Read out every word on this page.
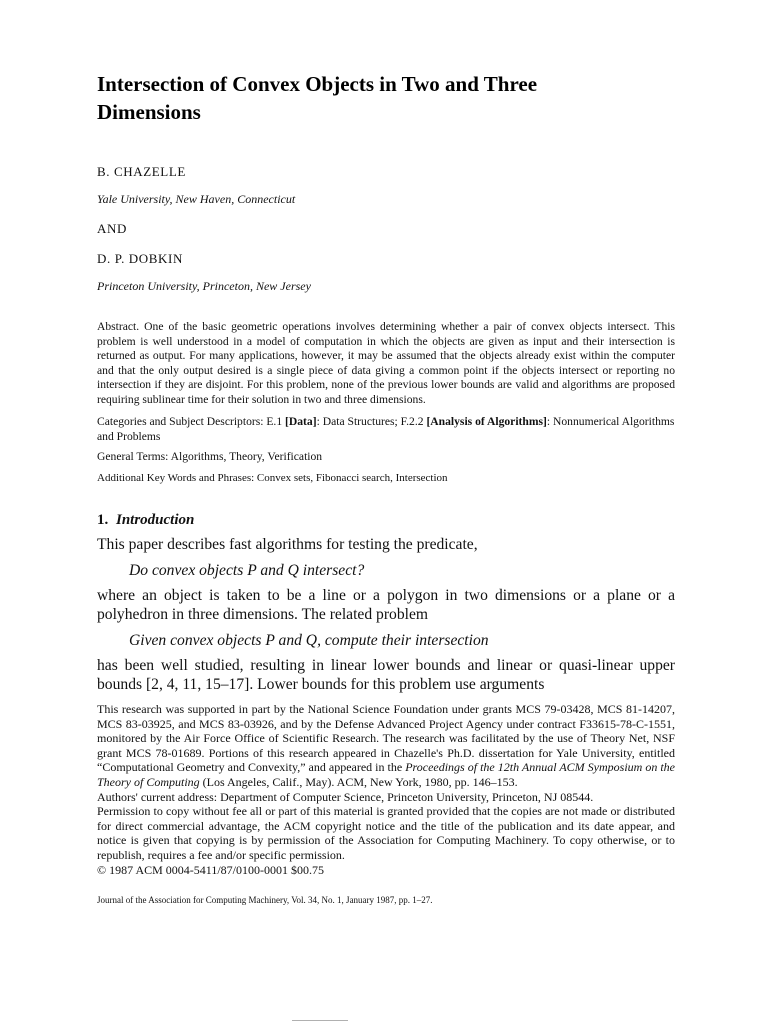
Intersection of Convex Objects in Two and Three
Dimensions

B. CHAZELLE

Yale University, New Haven, Connecticut

AND

D. P. DOBKIN

Princeton University, Princeton, New Jersey

Abstract. One of the basic geometric operations involves determining whether a pair of convex objects intersect. This problem is well understood in a model of computation in which the objects are given as input and their intersection is returned as output. For many applications, however, it may be assumed that the objects already exist within the computer and that the only output desired is a single piece of data giving a common point if the objects intersect or reporting no intersection if they are disjoint. For this problem, none of the previous lower bounds are valid and algorithms are proposed requiring sublinear time for their solution in two and three dimensions.

Categories and Subject Descriptors: E.1 [Data]: Data Structures; F.2.2 [Analysis of Algorithms]: Nonnumerical Algorithms and Problems

General Terms: Algorithms, Theory, Verification

Additional Key Words and Phrases: Convex sets, Fibonacci search, Intersection

1. Introduction

This paper describes fast algorithms for testing the predicate,

Do convex objects P and Q intersect?

where an object is taken to be a line or a polygon in two dimensions or a plane or a polyhedron in three dimensions. The related problem

Given convex objects P and Q, compute their intersection

has been well studied, resulting in linear lower bounds and linear or quasi-linear upper bounds [2, 4, 11, 15–17]. Lower bounds for this problem use arguments

This research was supported in part by the National Science Foundation under grants MCS 79-03428, MCS 81-14207, MCS 83-03925, and MCS 83-03926, and by the Defense Advanced Project Agency under contract F33615-78-C-1551, monitored by the Air Force Office of Scientific Research. The research was facilitated by the use of Theory Net, NSF grant MCS 78-01689. Portions of this research appeared in Chazelle's Ph.D. dissertation for Yale University, entitled “Computational Geometry and Convexity,” and appeared in the Proceedings of the 12th Annual ACM Symposium on the Theory of Computing (Los Angeles, Calif., May). ACM, New York, 1980, pp. 146–153.

Authors' current address: Department of Computer Science, Princeton University, Princeton, NJ 08544.

Permission to copy without fee all or part of this material is granted provided that the copies are not made or distributed for direct commercial advantage, the ACM copyright notice and the title of the publication and its date appear, and notice is given that copying is by permission of the Association for Computing Machinery. To copy otherwise, or to republish, requires a fee and/or specific permission.

© 1987 ACM 0004-5411/87/0100-0001 $00.75

Journal of the Association for Computing Machinery, Vol. 34, No. 1, January 1987, pp. 1–27.
